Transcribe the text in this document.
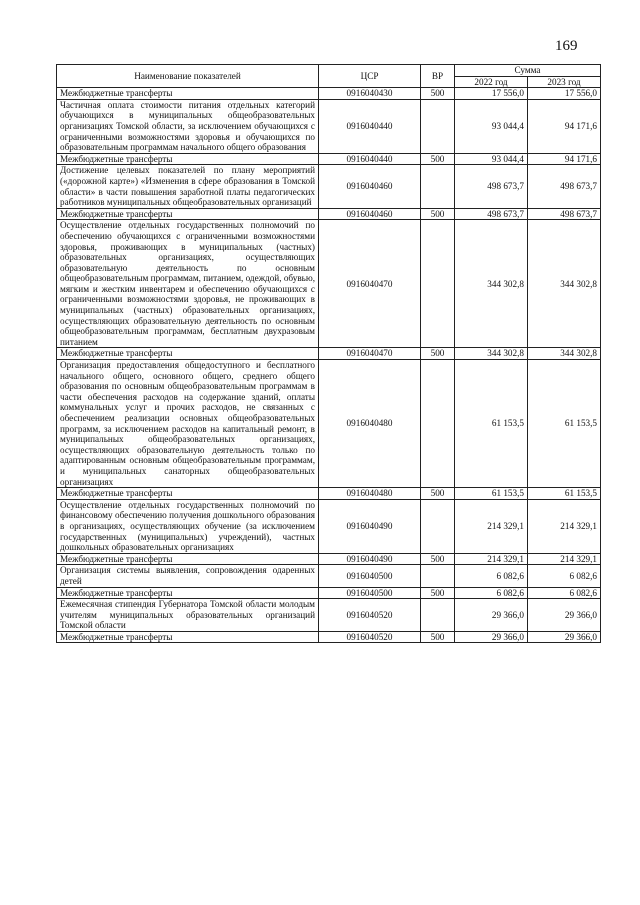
169
Наименование показателей	ЦСР	ВР	Сумма	
			2022 год	2023 год
Межбюджетные трансферты	0916040430	500	17 556,0	17 556,0
Частичная оплата стоимости питания отдельных категорий обучающихся в муниципальных общеобразовательных организациях Томской области, за исключением обучающихся с ограниченными возможностями здоровья и обучающихся по образовательным программам начального общего образования	0916040440		93 044,4	94 171,6
Межбюджетные трансферты	0916040440	500	93 044,4	94 171,6
Достижение целевых показателей по плану мероприятий («дорожной карте») «Изменения в сфере образования в Томской области» в части повышения заработной платы педагогических работников муниципальных общеобразовательных организаций	0916040460		498 673,7	498 673,7
Межбюджетные трансферты	0916040460	500	498 673,7	498 673,7
Осуществление отдельных государственных полномочий по обеспечению обучающихся с ограниченными возможностями здоровья, проживающих в муниципальных (частных) образовательных организациях, осуществляющих образовательную деятельность по основным общеобразовательным программам, питанием, одеждой, обувью, мягким и жестким инвентарем и обеспечению обучающихся с ограниченными возможностями здоровья, не проживающих в муниципальных (частных) образовательных организациях, осуществляющих образовательную деятельность по основным общеобразовательным программам, бесплатным двухразовым питанием	0916040470		344 302,8	344 302,8
Межбюджетные трансферты	0916040470	500	344 302,8	344 302,8
Организация предоставления общедоступного и бесплатного начального общего, основного общего, среднего общего образования по основным общеобразовательным программам в части обеспечения расходов на содержание зданий, оплаты коммунальных услуг и прочих расходов, не связанных с обеспечением реализации основных общеобразовательных программ, за исключением расходов на капитальный ремонт, в муниципальных общеобразовательных организациях, осуществляющих образовательную деятельность только по адаптированным основным общеобразовательным программам, и муниципальных санаторных общеобразовательных организациях	0916040480		61 153,5	61 153,5
Межбюджетные трансферты	0916040480	500	61 153,5	61 153,5
Осуществление отдельных государственных полномочий по финансовому обеспечению получения дошкольного образования в организациях, осуществляющих обучение (за исключением государственных (муниципальных) учреждений), частных дошкольных образовательных организациях	0916040490		214 329,1	214 329,1
Межбюджетные трансферты	0916040490	500	214 329,1	214 329,1
Организация системы выявления, сопровождения одаренных детей	0916040500		6 082,6	6 082,6
Межбюджетные трансферты	0916040500	500	6 082,6	6 082,6
Ежемесячная стипендия Губернатора Томской области молодым учителям муниципальных образовательных организаций Томской области	0916040520		29 366,0	29 366,0
Межбюджетные трансферты	0916040520	500	29 366,0	29 366,0
